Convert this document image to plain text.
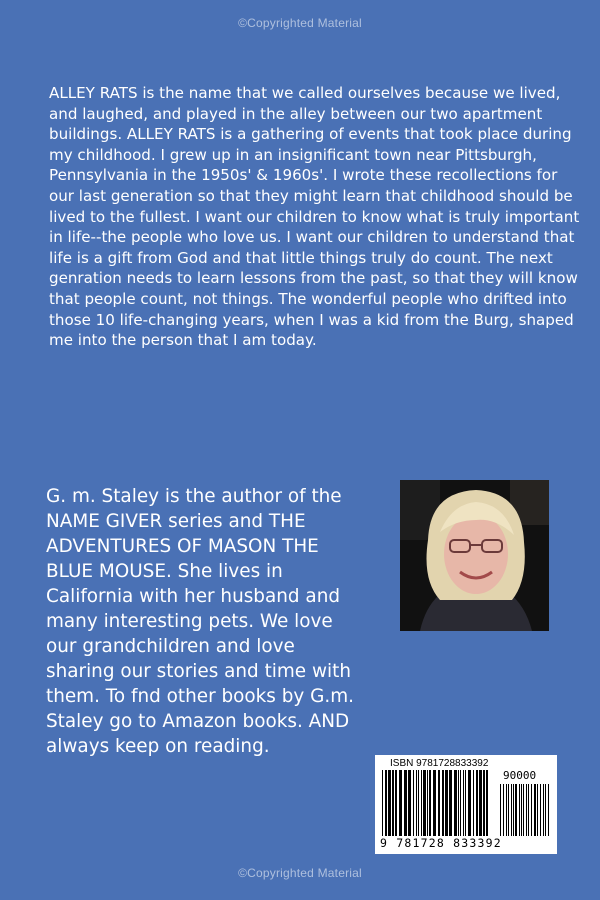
©Copyrighted Material

ALLEY RATS is the name that we called ourselves because we lived, and laughed, and played in the alley between our two apartment buildings. ALLEY RATS is a gathering of events that took place during my childhood. I grew up in an insignificant town near Pittsburgh, Pennsylvania in the 1950s' & 1960s'. I wrote these recollections for our last generation so that they might learn that childhood should be lived to the fullest. I want our children to know what is truly important in life--the people who love us. I want our children to understand that life is a gift from God and that little things truly do count. The next genration needs to learn lessons from the past, so that they will know that people count, not things. The wonderful people who drifted into those 10 life-changing years, when I was a kid from the Burg, shaped me into the person that I am today.

G. m. Staley is the author of the NAME GIVER series and THE ADVENTURES OF MASON THE BLUE MOUSE. She lives in California with her husband and many interesting pets. We love our grandchildren and love sharing our stories and time with them. To fnd other books by G.m. Staley go to Amazon books. AND always keep on reading.

ISBN 9781728833392
90000
9 781728 833392
©Copyrighted Material
